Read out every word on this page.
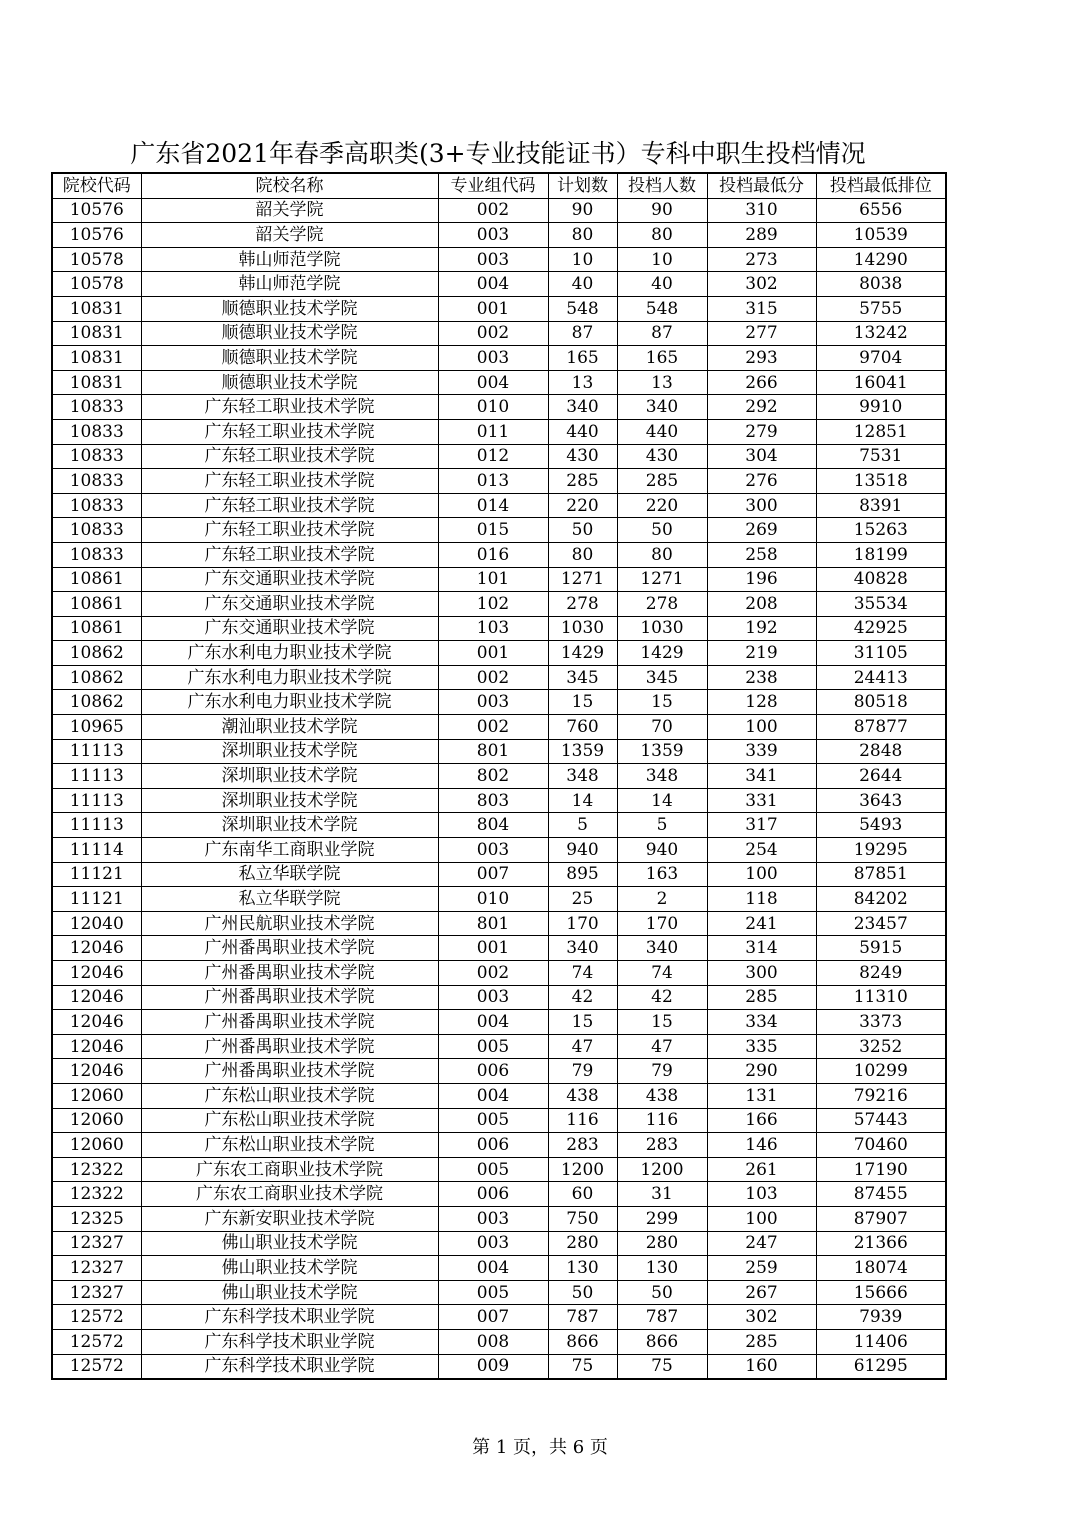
广东省2021年春季高职类(3+专业技能证书）专科中职生投档情况
院校代码	院校名称	专业组代码	计划数	投档人数	投档最低分	投档最低排位
10576	韶关学院	002	90	90	310	6556
10576	韶关学院	003	80	80	289	10539
10578	韩山师范学院	003	10	10	273	14290
10578	韩山师范学院	004	40	40	302	8038
10831	顺德职业技术学院	001	548	548	315	5755
10831	顺德职业技术学院	002	87	87	277	13242
10831	顺德职业技术学院	003	165	165	293	9704
10831	顺德职业技术学院	004	13	13	266	16041
10833	广东轻工职业技术学院	010	340	340	292	9910
10833	广东轻工职业技术学院	011	440	440	279	12851
10833	广东轻工职业技术学院	012	430	430	304	7531
10833	广东轻工职业技术学院	013	285	285	276	13518
10833	广东轻工职业技术学院	014	220	220	300	8391
10833	广东轻工职业技术学院	015	50	50	269	15263
10833	广东轻工职业技术学院	016	80	80	258	18199
10861	广东交通职业技术学院	101	1271	1271	196	40828
10861	广东交通职业技术学院	102	278	278	208	35534
10861	广东交通职业技术学院	103	1030	1030	192	42925
10862	广东水利电力职业技术学院	001	1429	1429	219	31105
10862	广东水利电力职业技术学院	002	345	345	238	24413
10862	广东水利电力职业技术学院	003	15	15	128	80518
10965	潮汕职业技术学院	002	760	70	100	87877
11113	深圳职业技术学院	801	1359	1359	339	2848
11113	深圳职业技术学院	802	348	348	341	2644
11113	深圳职业技术学院	803	14	14	331	3643
11113	深圳职业技术学院	804	5	5	317	5493
11114	广东南华工商职业学院	003	940	940	254	19295
11121	私立华联学院	007	895	163	100	87851
11121	私立华联学院	010	25	2	118	84202
12040	广州民航职业技术学院	801	170	170	241	23457
12046	广州番禺职业技术学院	001	340	340	314	5915
12046	广州番禺职业技术学院	002	74	74	300	8249
12046	广州番禺职业技术学院	003	42	42	285	11310
12046	广州番禺职业技术学院	004	15	15	334	3373
12046	广州番禺职业技术学院	005	47	47	335	3252
12046	广州番禺职业技术学院	006	79	79	290	10299
12060	广东松山职业技术学院	004	438	438	131	79216
12060	广东松山职业技术学院	005	116	116	166	57443
12060	广东松山职业技术学院	006	283	283	146	70460
12322	广东农工商职业技术学院	005	1200	1200	261	17190
12322	广东农工商职业技术学院	006	60	31	103	87455
12325	广东新安职业技术学院	003	750	299	100	87907
12327	佛山职业技术学院	003	280	280	247	21366
12327	佛山职业技术学院	004	130	130	259	18074
12327	佛山职业技术学院	005	50	50	267	15666
12572	广东科学技术职业学院	007	787	787	302	7939
12572	广东科学技术职业学院	008	866	866	285	11406
12572	广东科学技术职业学院	009	75	75	160	61295
第 1 页，共 6 页
